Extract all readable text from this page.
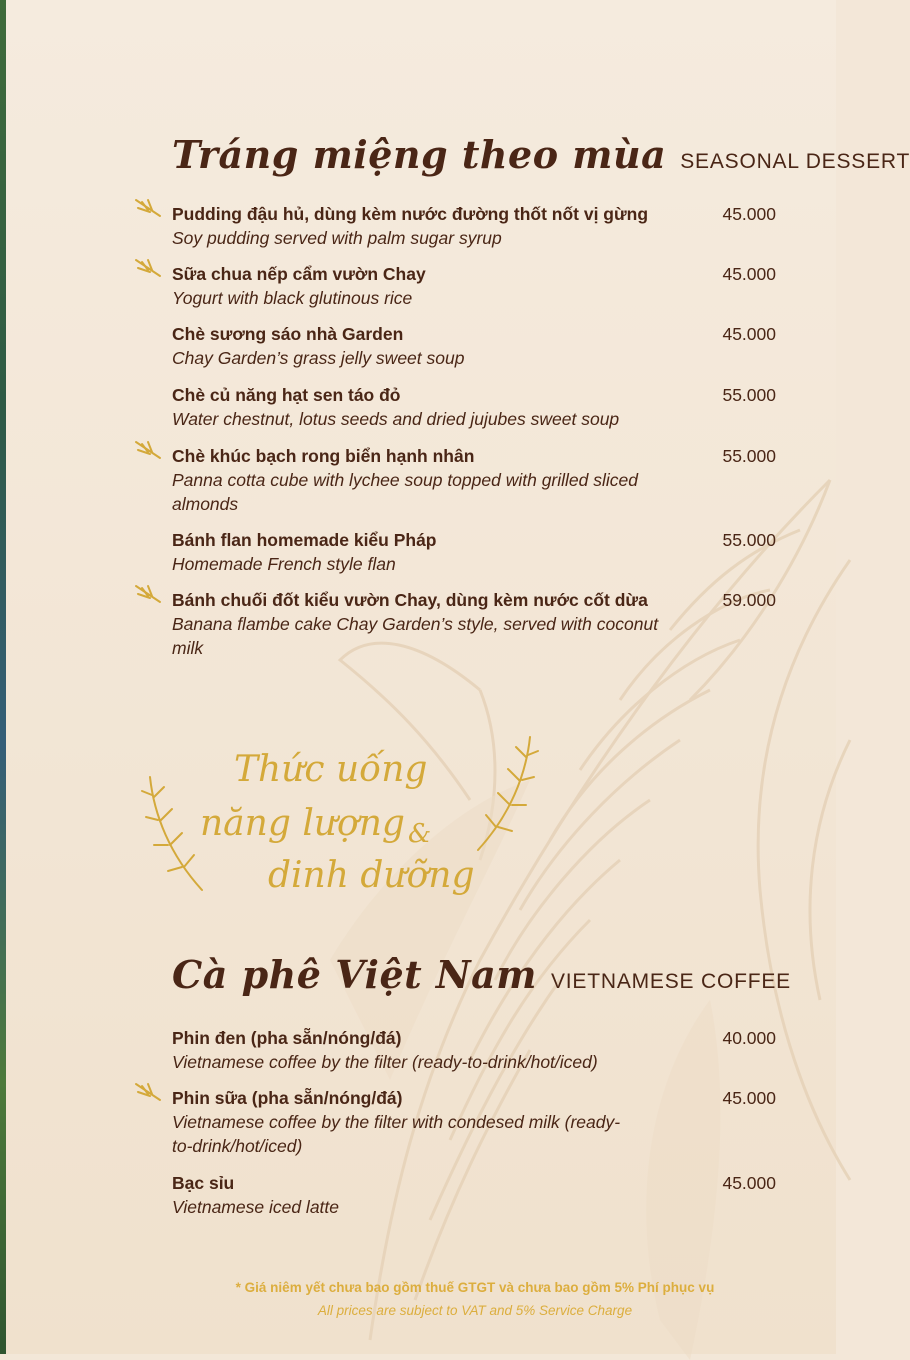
Tráng miệng theo mùa SEASONAL DESSERT
Pudding đậu hủ, dùng kèm nước đường thốt nốt vị gừng
Soy pudding served with palm sugar syrup
45.000
Sữa chua nếp cẩm vườn Chay
Yogurt with black glutinous rice
45.000
Chè sương sáo nhà Garden
Chay Garden’s grass jelly sweet soup
45.000
Chè củ năng hạt sen táo đỏ
Water chestnut, lotus seeds and dried jujubes sweet soup
55.000
Chè khúc bạch rong biển hạnh nhân
Panna cotta cube with lychee soup topped with grilled sliced almonds
55.000
Bánh flan homemade kiểu Pháp
Homemade French style flan
55.000
Bánh chuối đốt kiểu vườn Chay, dùng kèm nước cốt dừa
Banana flambe cake Chay Garden’s style, served with coconut milk
59.000
Thức uống
năng lượng &
dinh dưỡng
Cà phê Việt Nam VIETNAMESE COFFEE
Phin đen (pha sẵn/nóng/đá)
Vietnamese coffee by the filter (ready-to-drink/hot/iced)
40.000
Phin sữa (pha sẵn/nóng/đá)
Vietnamese coffee by the filter with condesed milk (ready-to-drink/hot/iced)
45.000
Bạc sỉu
Vietnamese iced latte
45.000
* Giá niêm yết chưa bao gồm thuế GTGT và chưa bao gồm 5% Phí phục vụ
All prices are subject to VAT and 5% Service Charge
